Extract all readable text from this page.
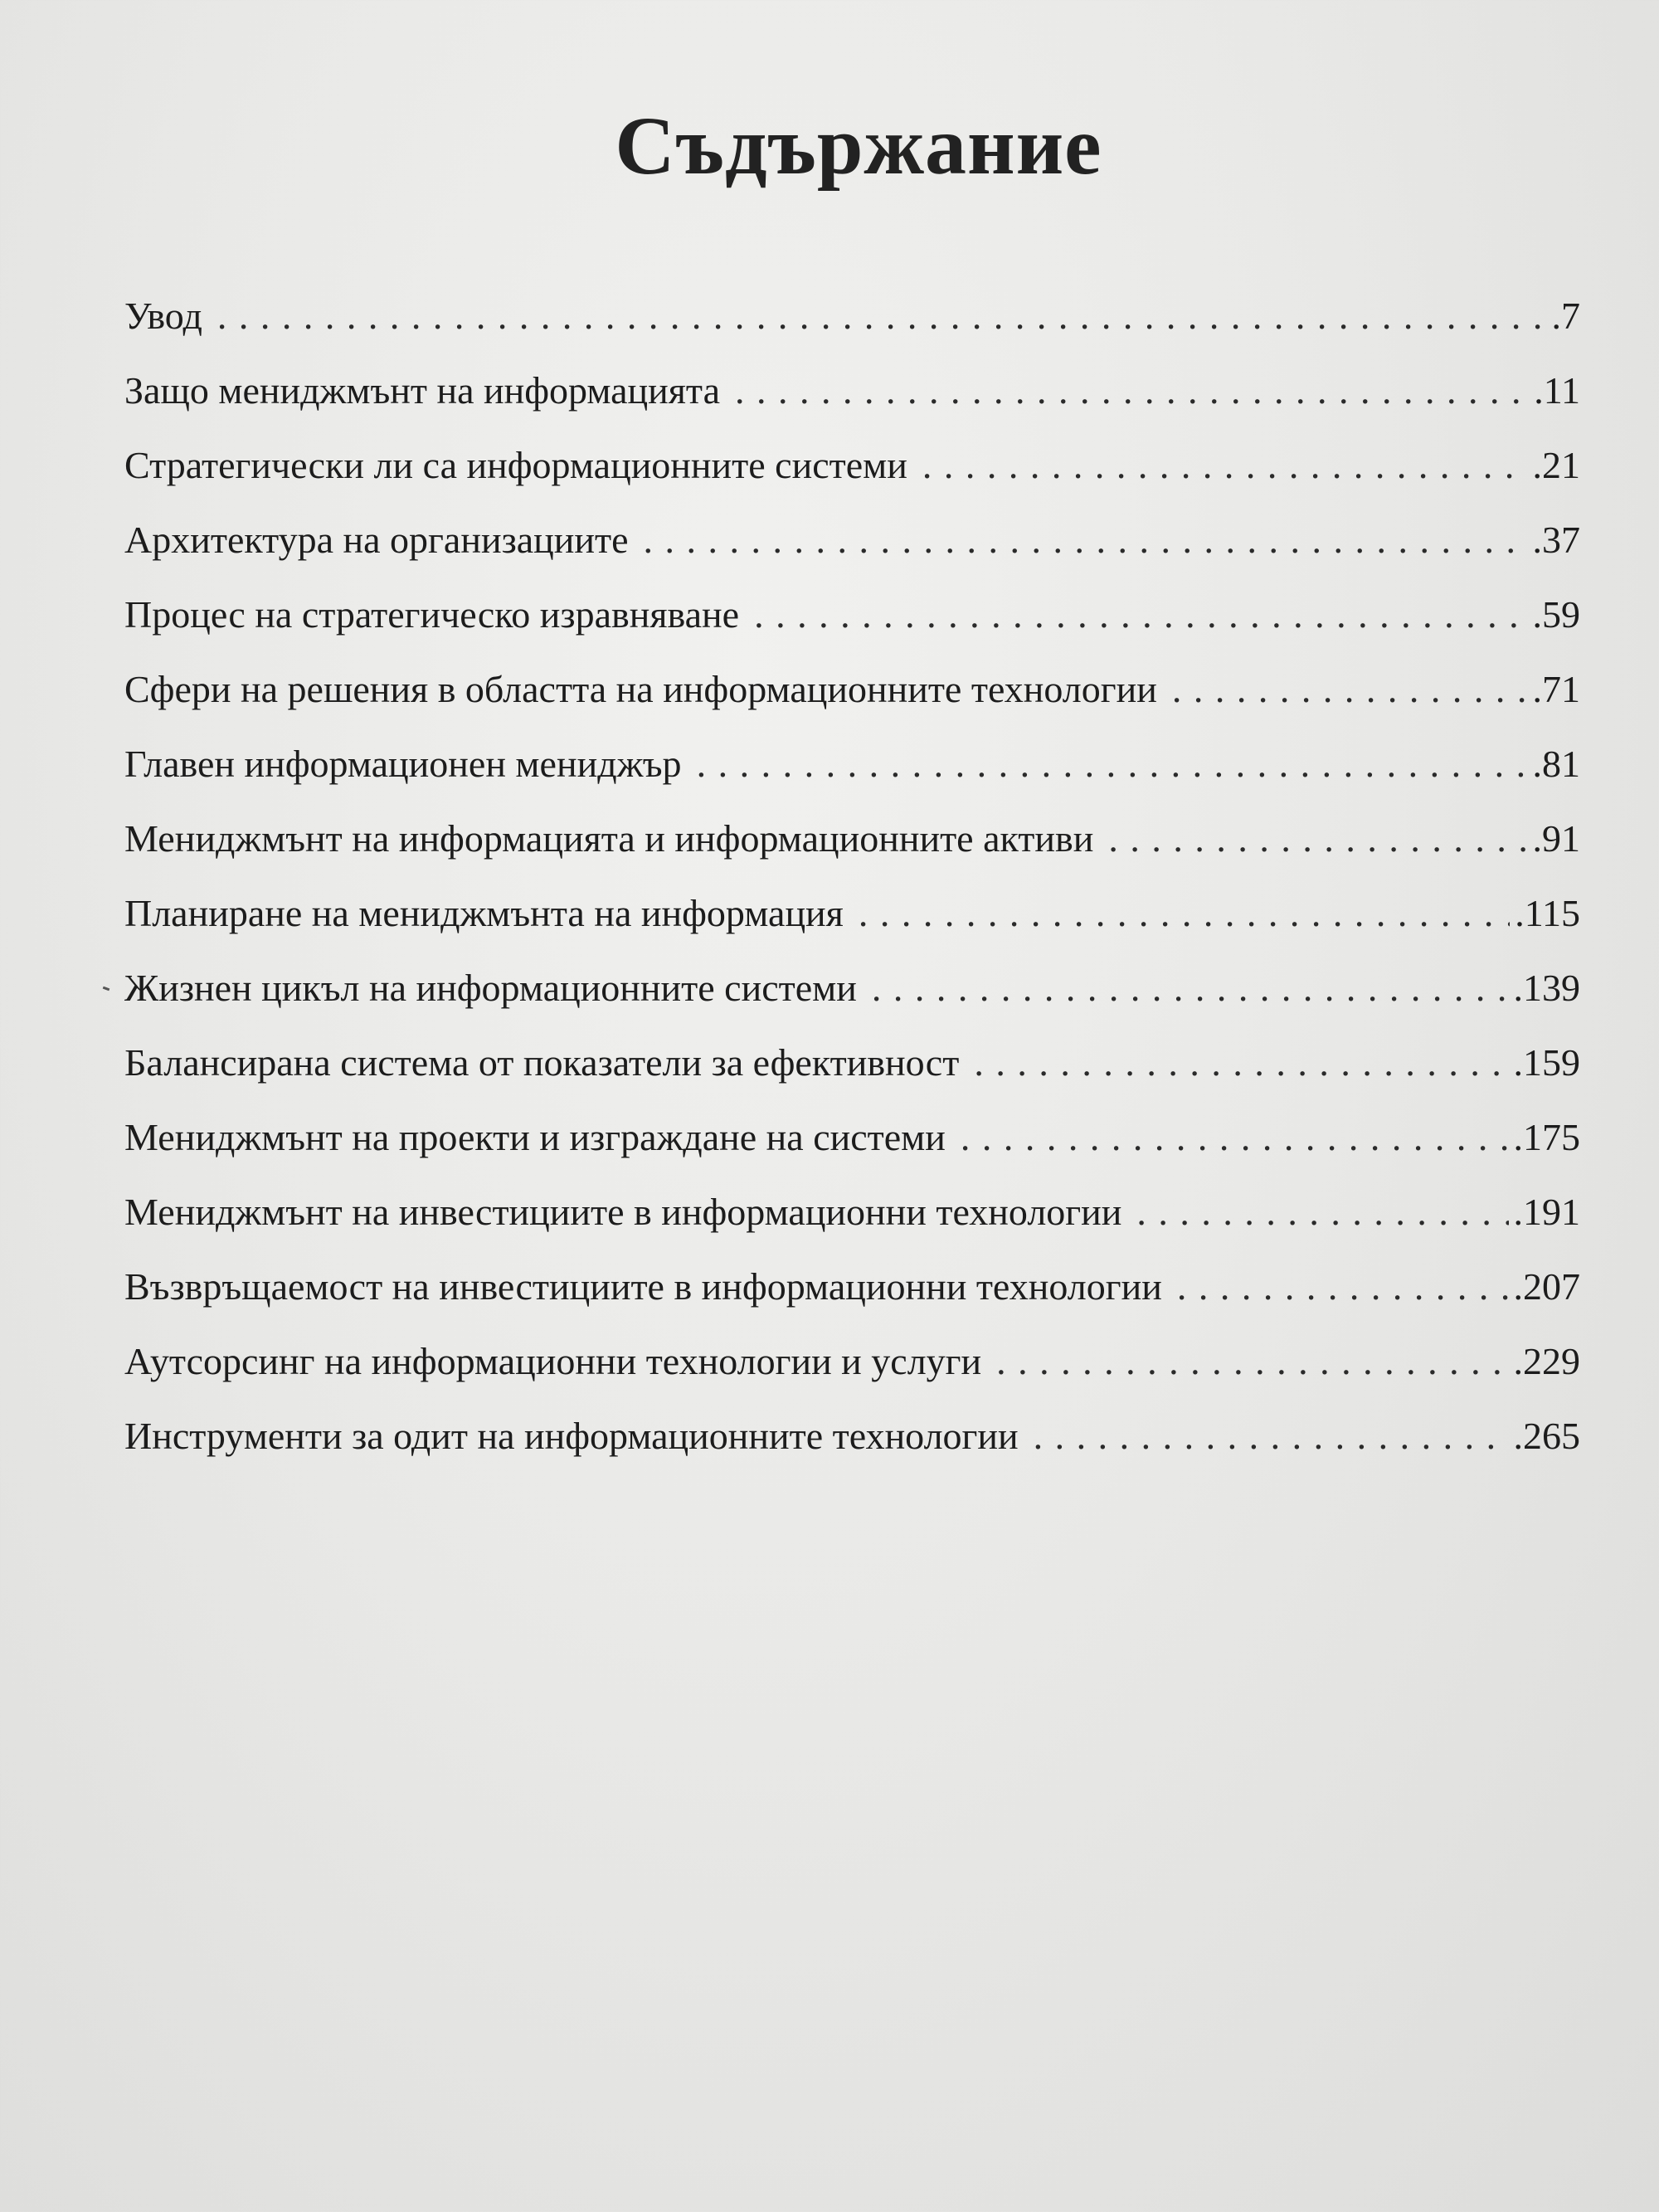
Съдържание
Увод . . .	.7
Защо мениджмънт на информацията . . .	.11
Стратегически ли са информационните системи . . .	.21
Архитектура на организациите . . .	.37
Процес на стратегическо изравняване . . .	.59
Сфери на решения в областта на информационните технологии . . .	.71
Главен информационен мениджър . . .	.81
Мениджмънт на информацията и информационните активи . . .	.91
Планиране на мениджмънта на информация . . .	.115
Жизнен цикъл на информационните системи . . .	.139
Балансирана система от показатели за ефективност . . .	.159
Мениджмънт на проекти и изграждане на системи . . .	.175
Мениджмънт на инвестициите в информационни технологии . . .	.191
Възвръщаемост на инвестициите в информационни технологии . . .	.207
Аутсорсинг на информационни технологии и услуги . . .	.229
Инструменти за одит на информационните технологии . . .	.265
